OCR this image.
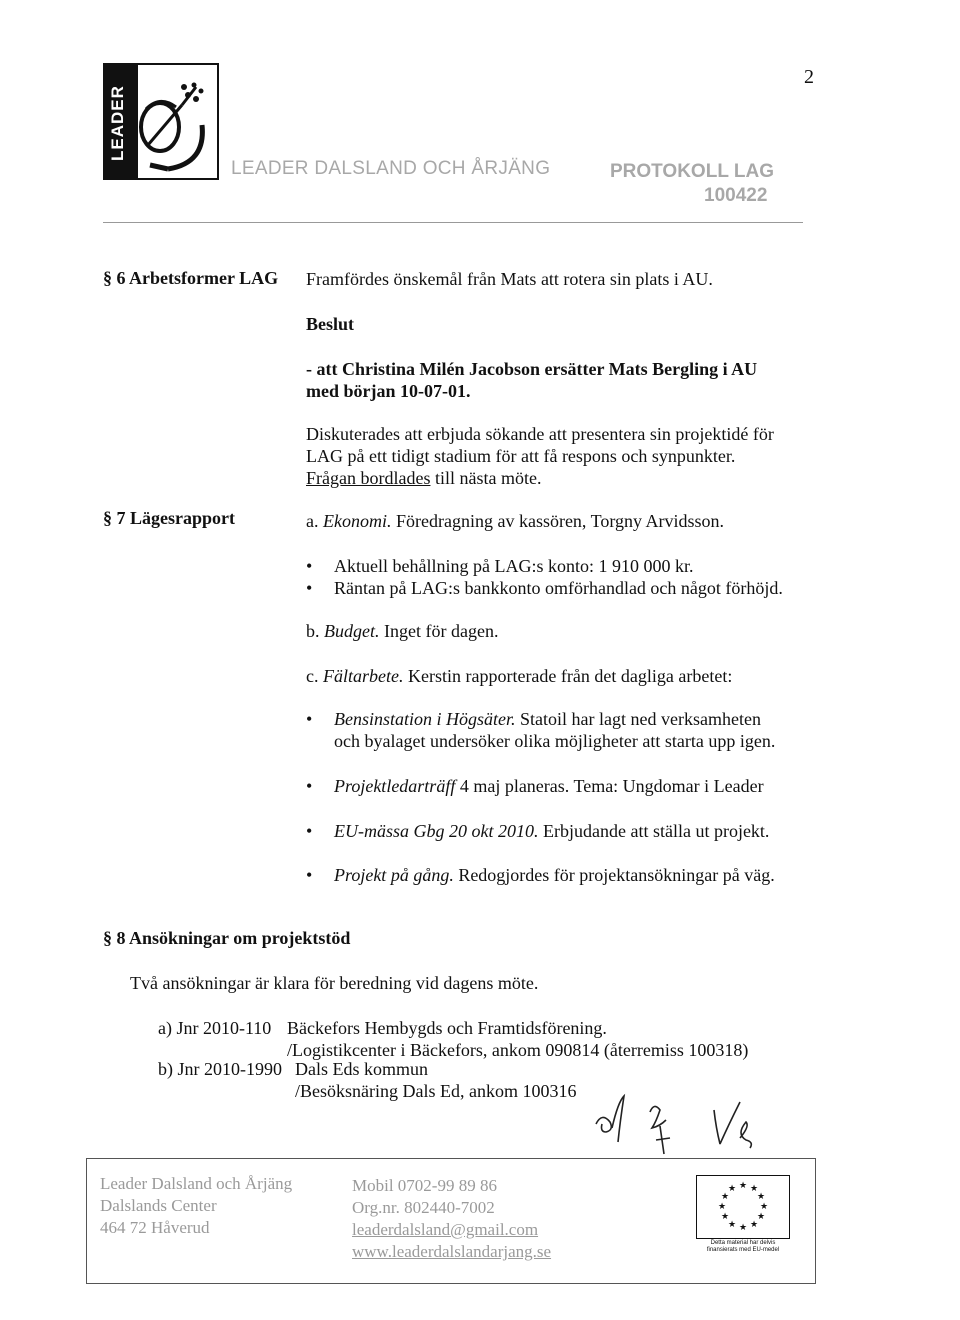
2
LEADER
LEADER DALSLAND OCH ÅRJÄNG	PROTOKOLL LAG
100422
§ 6 Arbetsformer LAG Framfördes önskemål från Mats att rotera sin plats i AU.
Beslut
- att Christina Milén Jacobson ersätter Mats Bergling i AU
med början 10-07-01.
Diskuterades att erbjuda sökande att presentera sin projektidé för
LAG på ett tidigt stadium för att få respons och synpunkter.
Frågan bordlades till nästa möte.
§ 7 Lägesrapport	a. Ekonomi. Föredragning av kassören, Torgny Arvidsson.
• Aktuell behållning på LAG:s konto: 1 910 000 kr.
• Räntan på LAG:s bankkonto omförhandlad och något förhöjd.
b. Budget. Inget för dagen.
c. Fältarbete. Kerstin rapporterade från det dagliga arbetet:
• Bensinstation i Högsäter. Statoil har lagt ned verksamheten
och byalaget undersöker olika möjligheter att starta upp igen.
• Projektledarträff 4 maj planeras. Tema: Ungdomar i Leader
• EU-mässa Gbg 20 okt 2010. Erbjudande att ställa ut projekt.
• Projekt på gång. Redogjordes för projektansökningar på väg.
§ 8 Ansökningar om projektstöd
Två ansökningar är klara för beredning vid dagens möte.
a) Jnr 2010-110 Bäckefors Hembygds och Framtidsförening.
/Logistikcenter i Bäckefors, ankom 090814 (återremiss 100318)
b) Jnr 2010-1990 Dals Eds kommun
/Besöksnäring Dals Ed, ankom 100316
Leader Dalsland och Årjäng
Dalslands Center
464 72 Håverud
Mobil 0702-99 89 86
Org.nr. 802440-7002
leaderdalsland@gmail.com
www.leaderdalslandarjang.se
★ ★
★
★
★
★
★
★
★
★
★
★
Detta material har delvis
finansierats med EU-medel
